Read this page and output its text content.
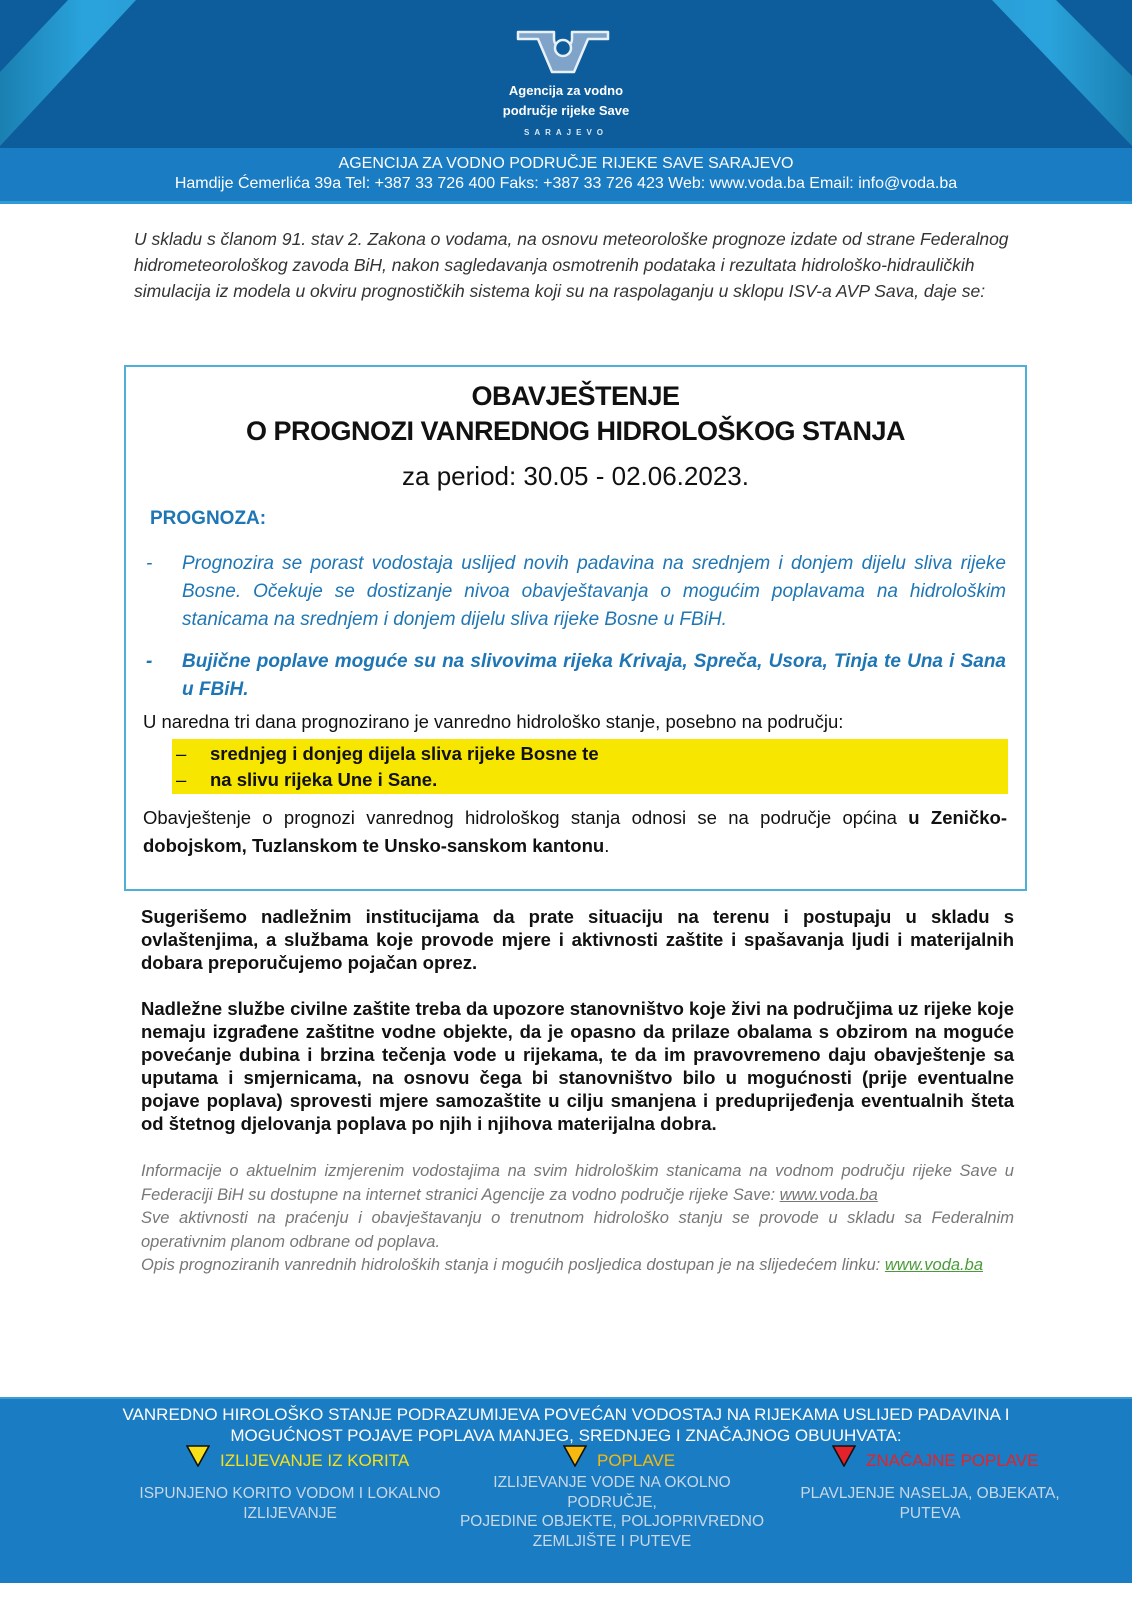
Agencija za vodno
područje rijeke Save
SARAJEVO
AGENCIJA ZA VODNO PODRUČJE RIJEKE SAVE SARAJEVO
Hamdije Ćemerlića 39a Tel: +387 33 726 400 Faks: +387 33 726 423 Web: www.voda.ba Email: info@voda.ba
U skladu s članom 91. stav 2. Zakona o vodama, na osnovu meteorološke prognoze izdate od strane Federalnog hidrometeorološkog zavoda BiH, nakon sagledavanja osmotrenih podataka i rezultata hidrološko-hidrauličkih simulacija iz modela u okviru prognostičkih sistema koji su na raspolaganju u sklopu ISV-a AVP Sava, daje se:
OBAVJEŠTENJE
O PROGNOZI VANREDNOG HIDROLOŠKOG STANJA
za period: 30.05 - 02.06.2023.
PROGNOZA:
- Prognozira se porast vodostaja uslijed novih padavina na srednjem i donjem dijelu sliva rijeke Bosne. Očekuje se dostizanje nivoa obavještavanja o mogućim poplavama na hidrološkim stanicama na srednjem i donjem dijelu sliva rijeke Bosne u FBiH.
- Bujične poplave moguće su na slivovima rijeka Krivaja, Spreča, Usora, Tinja te Una i Sana u FBiH.
U naredna tri dana prognozirano je vanredno hidrološko stanje, posebno na području:
– srednjeg i donjeg dijela sliva rijeke Bosne te
– na slivu rijeka Une i Sane.
Obavještenje o prognozi vanrednog hidrološkog stanja odnosi se na područje općina u Zeničko-dobojskom, Tuzlanskom te Unsko-sanskom kantonu.
Sugerišemo nadležnim institucijama da prate situaciju na terenu i postupaju u skladu s ovlaštenjima, a službama koje provode mjere i aktivnosti zaštite i spašavanja ljudi i materijalnih dobara preporučujemo pojačan oprez.
Nadležne službe civilne zaštite treba da upozore stanovništvo koje živi na područjima uz rijeke koje nemaju izgrađene zaštitne vodne objekte, da je opasno da prilaze obalama s obzirom na moguće povećanje dubina i brzina tečenja vode u rijekama, te da im pravovremeno daju obavještenje sa uputama i smjernicama, na osnovu čega bi stanovništvo bilo u mogućnosti (prije eventualne pojave poplava) sprovesti mjere samozaštite u cilju smanjena i preduprijeđenja eventualnih šteta od štetnog djelovanja poplava po njih i njihova materijalna dobra.
Informacije o aktuelnim izmjerenim vodostajima na svim hidrološkim stanicama na vodnom području rijeke Save u Federaciji BiH su dostupne na internet stranici Agencije za vodno područje rijeke Save: www.voda.ba
Sve aktivnosti na praćenju i obavještavanju o trenutnom hidrološko stanju se provode u skladu sa Federalnim operativnim planom odbrane od poplava.
Opis prognoziranih vanrednih hidroloških stanja i mogućih posljedica dostupan je na slijedećem linku: www.voda.ba
VANREDNO HIROLOŠKO STANJE PODRAZUMIJEVA POVEĆAN VODOSTAJ NA RIJEKAMA USLIJED PADAVINA I
MOGUĆNOST POJAVE POPLAVA MANJEG, SREDNJEG I ZNAČAJNOG OBUUHVATA:
IZLIJEVANJE IZ KORITA
ISPUNJENO KORITO VODOM I LOKALNO
IZLIJEVANJE
POPLAVE
IZLIJEVANJE VODE NA OKOLNO PODRUČJE,
POJEDINE OBJEKTE, POLJOPRIVREDNO
ZEMLJIŠTE I PUTEVE
ZNAČAJNE POPLAVE
PLAVLJENJE NASELJA, OBJEKATA,
PUTEVA
